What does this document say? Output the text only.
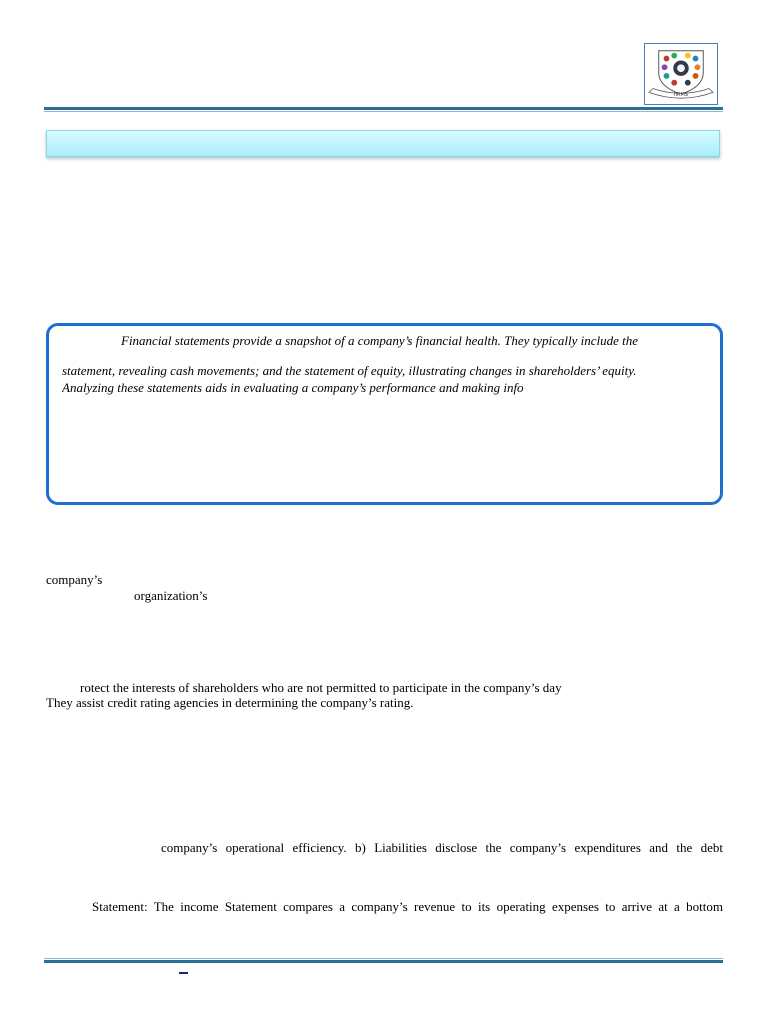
IIRMS
Financial statements provide a snapshot of a company’s financial health. They typically include the
statement, revealing cash movements; and the statement of equity, illustrating changes in shareholders’ equity.
Analyzing these statements aids in evaluating a company’s performance and making info
company’s
organization’s
rotect the interests of shareholders who are not permitted to participate in the company’s day
They assist credit rating agencies in determining the company’s rating.
company’s operational efficiency. b) Liabilities disclose the company’s expenditures and the debt
Statement: The income Statement compares a company’s revenue to its operating expenses to arrive at a bottom
